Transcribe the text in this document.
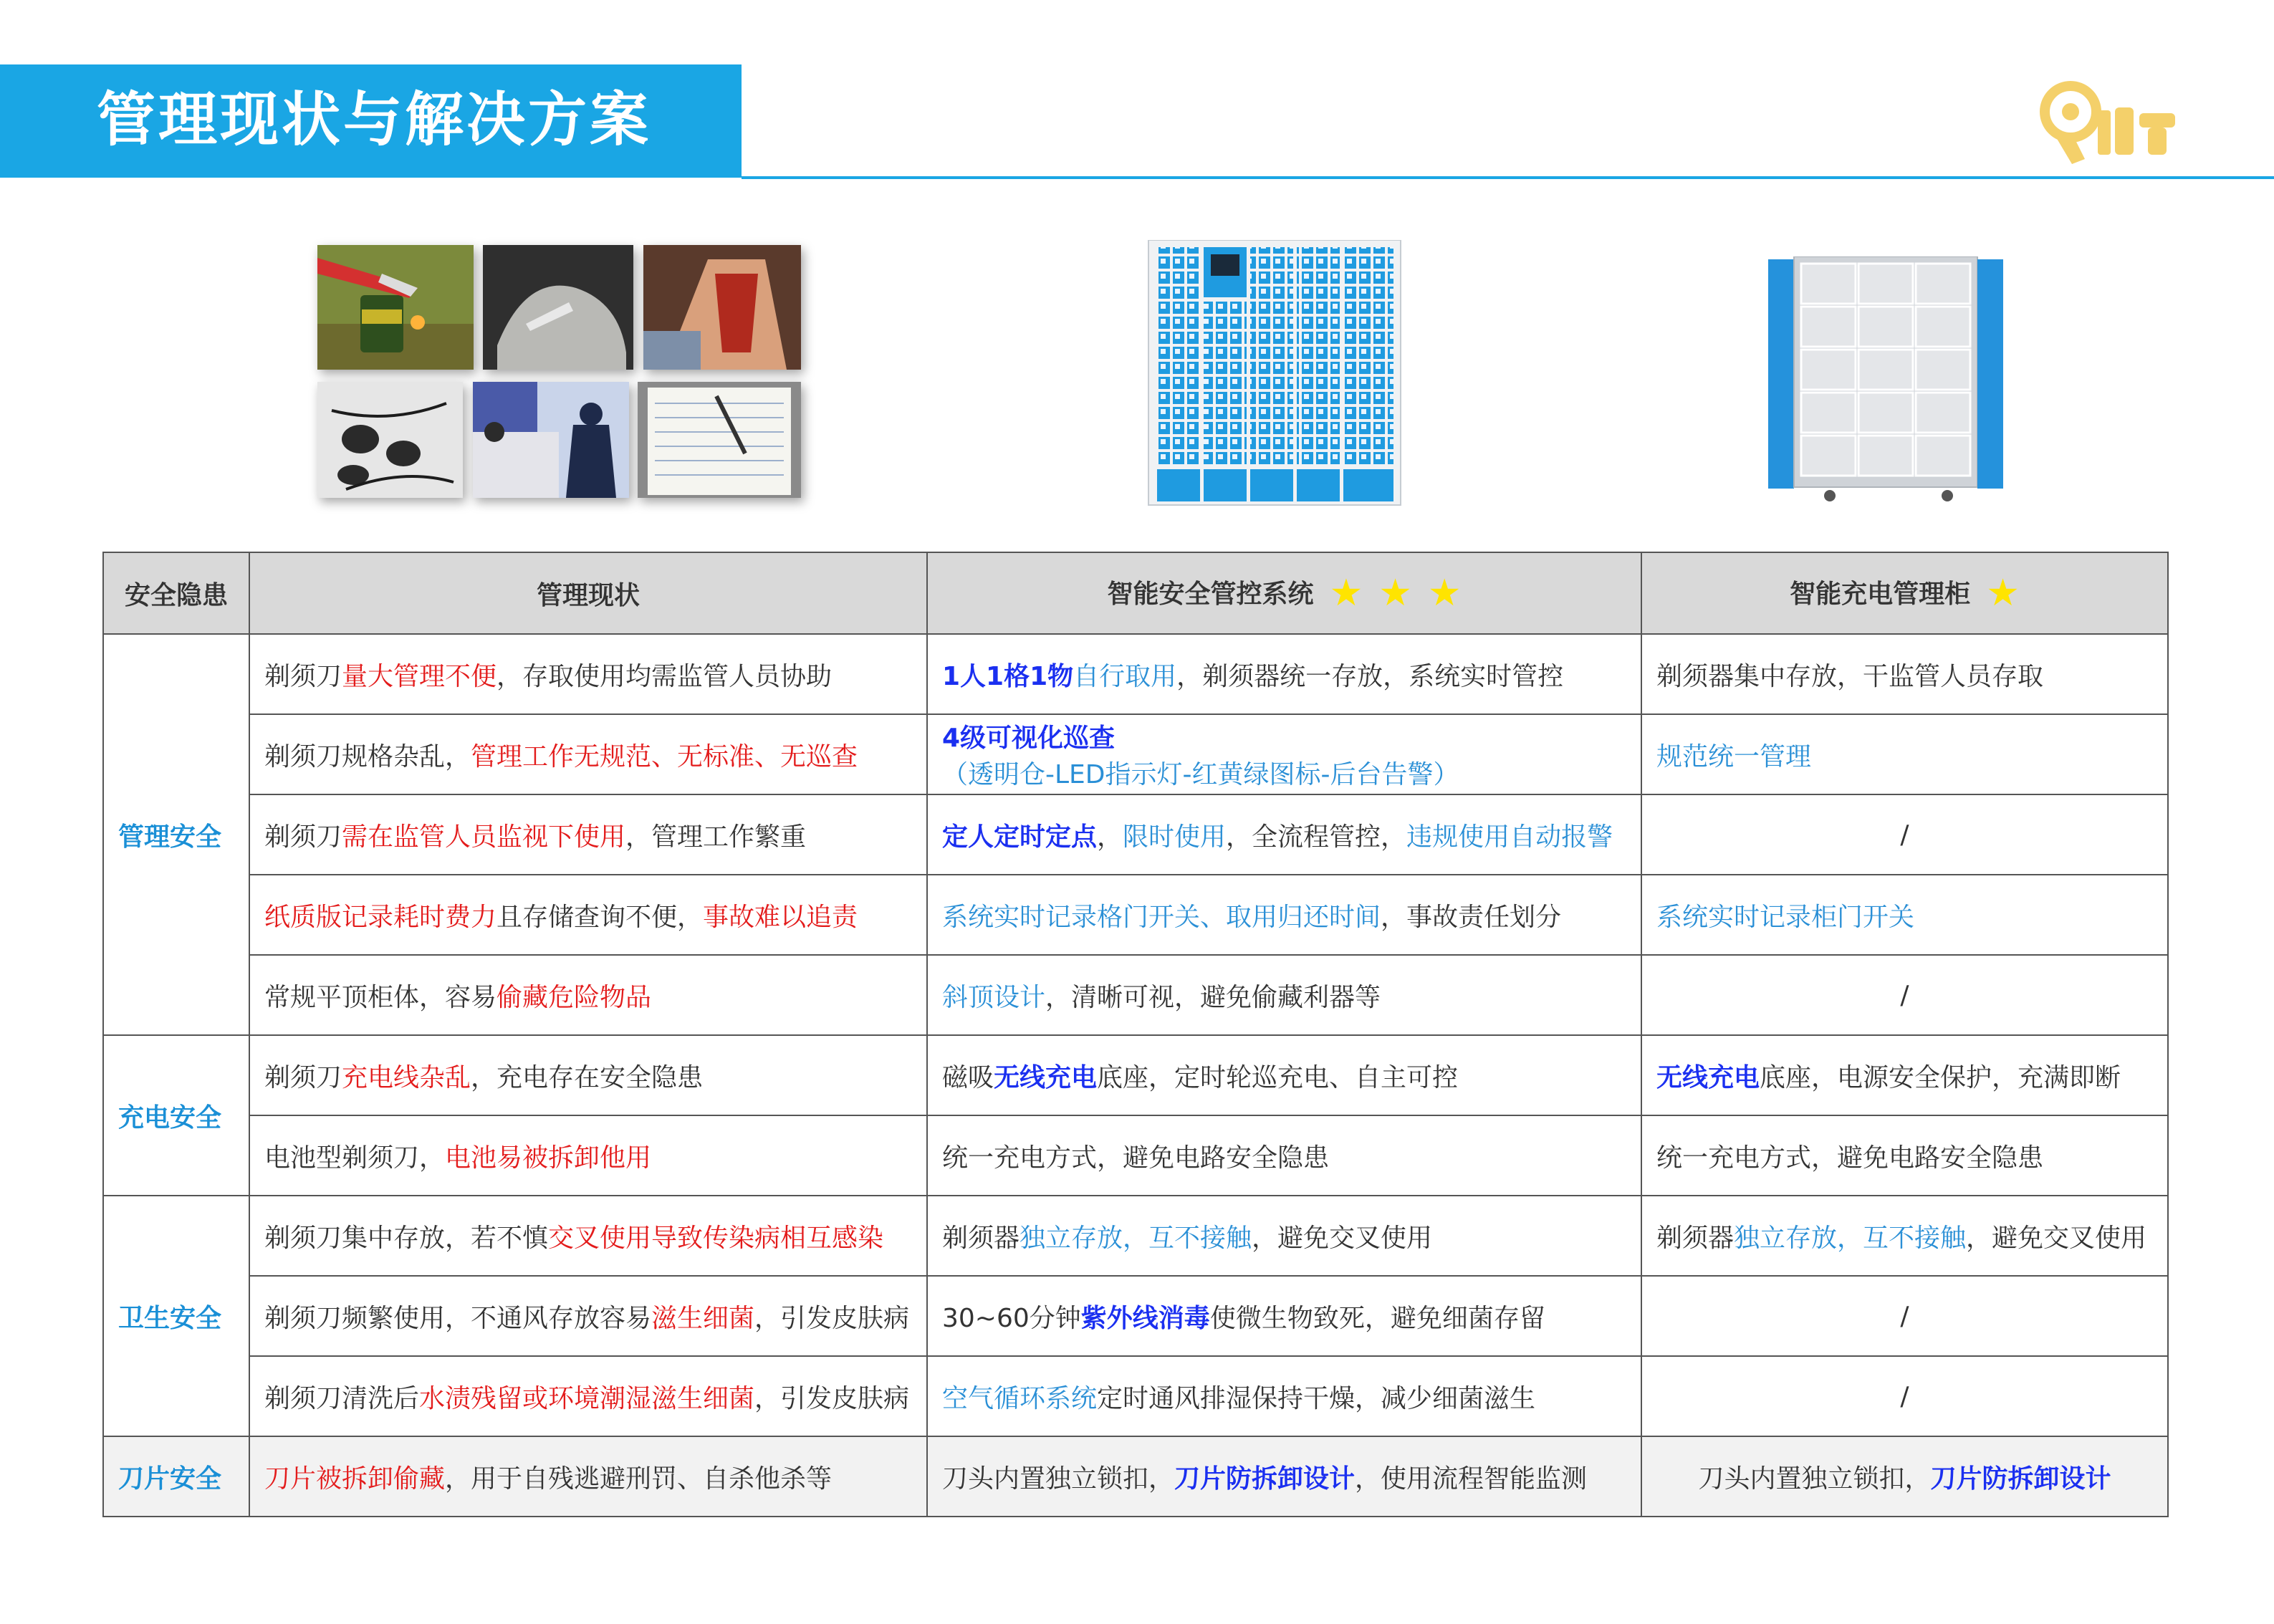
管理现状与解决方案
安全隐患	管理现状	智能安全管控系统 ★ ★ ★	智能充电管理柜 ★
管理安全	剃须刀量大管理不便，存取使用均需监管人员协助	1人1格1物自行取用，剃须器统一存放，系统实时管控	剃须器集中存放，干监管人员存取
	剃须刀规格杂乱，管理工作无规范、无标准、无巡查	4级可视化巡查（透明仓-LED指示灯-红黄绿图标-后台告警）	规范统一管理
	剃须刀需在监管人员监视下使用，管理工作繁重	定人定时定点，限时使用，全流程管控，违规使用自动报警	/
	纸质版记录耗时费力且存储查询不便，事故难以追责	系统实时记录格门开关、取用归还时间，事故责任划分	系统实时记录柜门开关
	常规平顶柜体，容易偷藏危险物品	斜顶设计，清晰可视，避免偷藏利器等	/
充电安全	剃须刀充电线杂乱，充电存在安全隐患	磁吸无线充电底座，定时轮巡充电、自主可控	无线充电底座，电源安全保护，充满即断
	电池型剃须刀，电池易被拆卸他用	统一充电方式，避免电路安全隐患	统一充电方式，避免电路安全隐患
卫生安全	剃须刀集中存放，若不慎交叉使用导致传染病相互感染	剃须器独立存放，互不接触，避免交叉使用	剃须器独立存放，互不接触，避免交叉使用
	剃须刀频繁使用，不通风存放容易滋生细菌，引发皮肤病	30~60分钟紫外线消毒使微生物致死，避免细菌存留	/
	剃须刀清洗后水渍残留或环境潮湿滋生细菌，引发皮肤病	空气循环系统定时通风排湿保持干燥，减少细菌滋生	/
刀片安全	刀片被拆卸偷藏，用于自残逃避刑罚、自杀他杀等	刀头内置独立锁扣，刀片防拆卸设计，使用流程智能监测	刀头内置独立锁扣，刀片防拆卸设计
